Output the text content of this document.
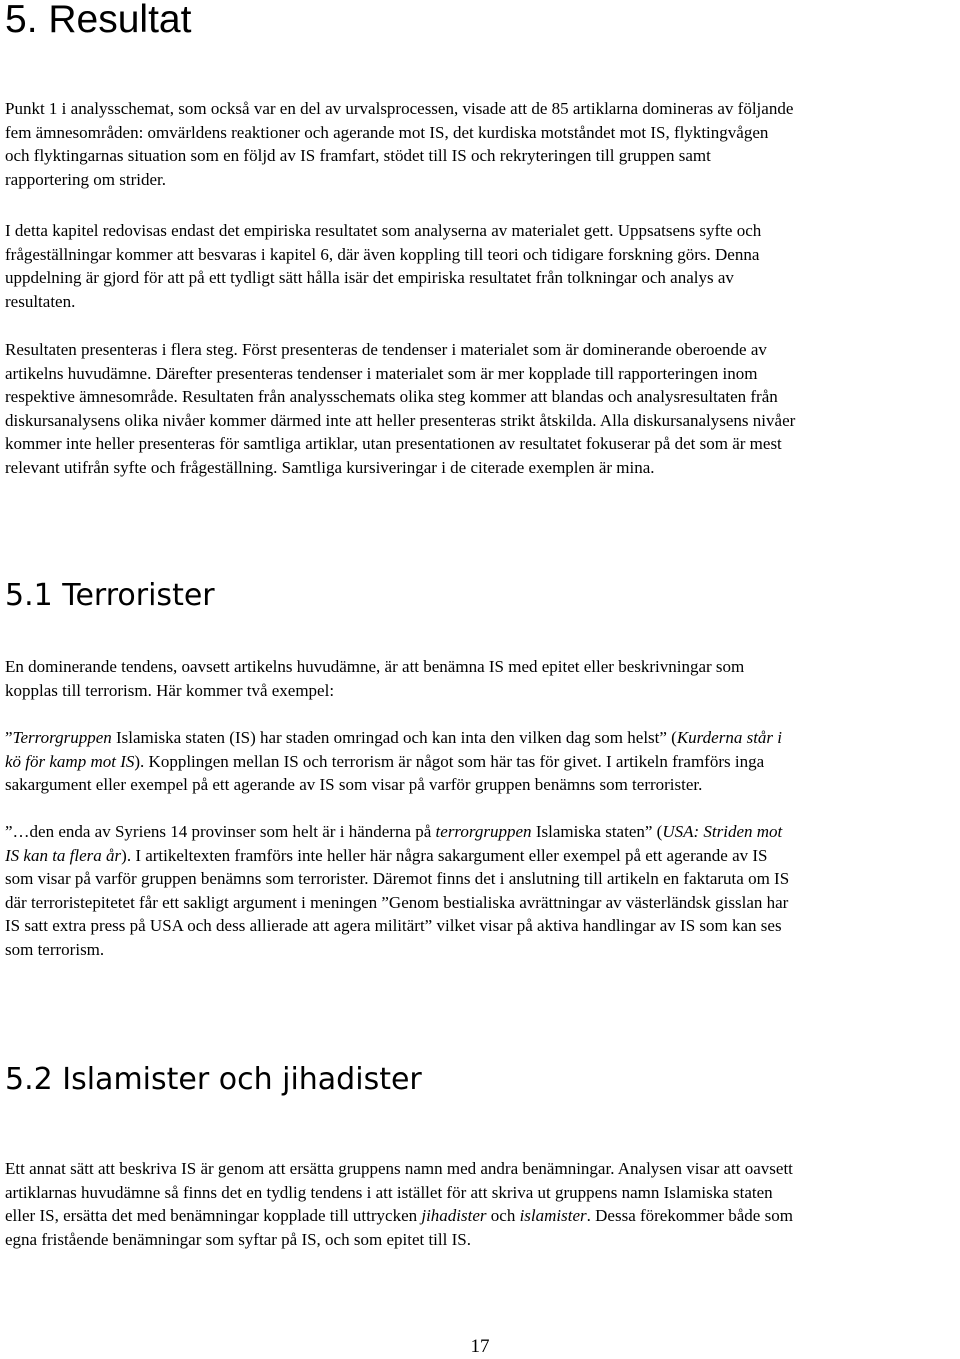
5. Resultat

Punkt 1 i analysschemat, som också var en del av urvalsprocessen, visade att de 85 artiklarna domineras av följande
fem ämnesområden: omvärldens reaktioner och agerande mot IS, det kurdiska motståndet mot IS, flyktingvågen
och flyktingarnas situation som en följd av IS framfart, stödet till IS och rekryteringen till gruppen samt
rapportering om strider.

I detta kapitel redovisas endast det empiriska resultatet som analyserna av materialet gett. Uppsatsens syfte och
frågeställningar kommer att besvaras i kapitel 6, där även koppling till teori och tidigare forskning görs. Denna
uppdelning är gjord för att på ett tydligt sätt hålla isär det empiriska resultatet från tolkningar och analys av
resultaten.

Resultaten presenteras i flera steg. Först presenteras de tendenser i materialet som är dominerande oberoende av
artikelns huvudämne. Därefter presenteras tendenser i materialet som är mer kopplade till rapporteringen inom
respektive ämnesområde. Resultaten från analysschemats olika steg kommer att blandas och analysresultaten från
diskursanalysens olika nivåer kommer därmed inte att heller presenteras strikt åtskilda. Alla diskursanalysens nivåer
kommer inte heller presenteras för samtliga artiklar, utan presentationen av resultatet fokuserar på det som är mest
relevant utifrån syfte och frågeställning. Samtliga kursiveringar i de citerade exemplen är mina.

5.1 Terrorister

En dominerande tendens, oavsett artikelns huvudämne, är att benämna IS med epitet eller beskrivningar som
kopplas till terrorism. Här kommer två exempel:

”Terrorgruppen Islamiska staten (IS) har staden omringad och kan inta den vilken dag som helst” (Kurderna står i
kö för kamp mot IS). Kopplingen mellan IS och terrorism är något som här tas för givet. I artikeln framförs inga
sakargument eller exempel på ett agerande av IS som visar på varför gruppen benämns som terrorister.

”…den enda av Syriens 14 provinser som helt är i händerna på terrorgruppen Islamiska staten” (USA: Striden mot
IS kan ta flera år). I artikeltexten framförs inte heller här några sakargument eller exempel på ett agerande av IS
som visar på varför gruppen benämns som terrorister. Däremot finns det i anslutning till artikeln en faktaruta om IS
där terroristepitetet får ett sakligt argument i meningen ”Genom bestialiska avrättningar av västerländsk gisslan har
IS satt extra press på USA och dess allierade att agera militärt” vilket visar på aktiva handlingar av IS som kan ses
som terrorism.

5.2 Islamister och jihadister

Ett annat sätt att beskriva IS är genom att ersätta gruppens namn med andra benämningar. Analysen visar att oavsett
artiklarnas huvudämne så finns det en tydlig tendens i att istället för att skriva ut gruppens namn Islamiska staten
eller IS, ersätta det med benämningar kopplade till uttrycken jihadister och islamister. Dessa förekommer både som
egna fristående benämningar som syftar på IS, och som epitet till IS.

17
